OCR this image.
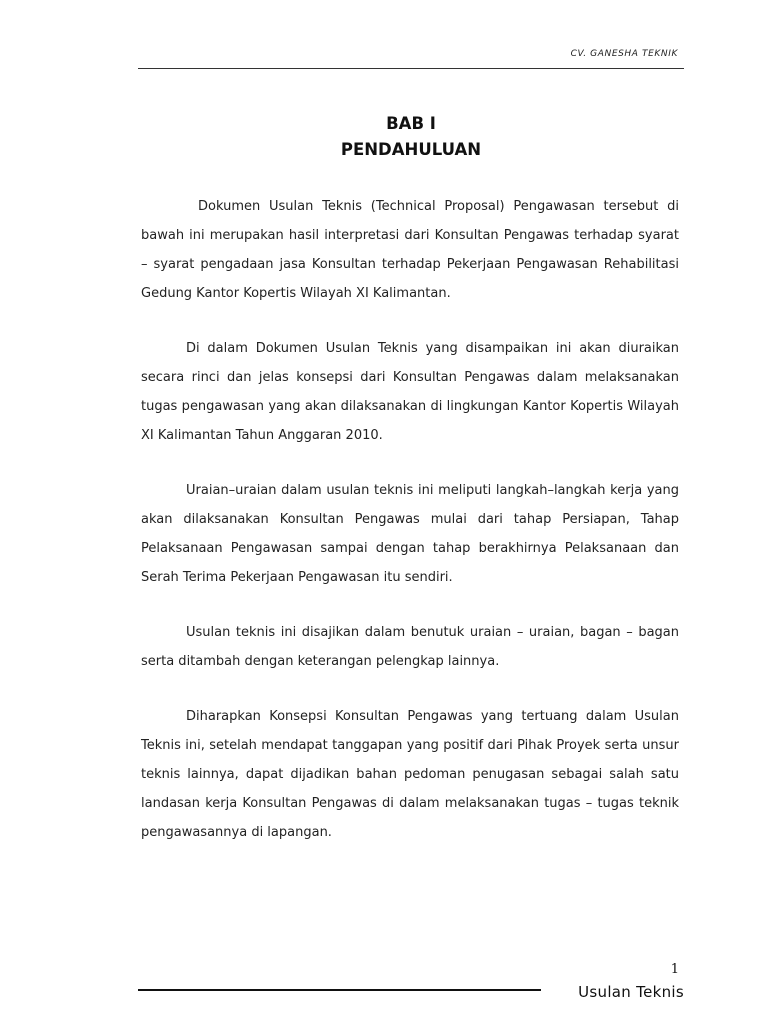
CV. GANESHA TEKNIK
BAB I
PENDAHULUAN

Dokumen Usulan Teknis (Technical Proposal) Pengawasan tersebut di bawah ini merupakan hasil interpretasi dari Konsultan Pengawas terhadap syarat – syarat pengadaan jasa Konsultan terhadap Pekerjaan Pengawasan Rehabilitasi Gedung Kantor Kopertis Wilayah XI Kalimantan.

Di dalam Dokumen Usulan Teknis yang disampaikan ini akan diuraikan secara rinci dan jelas konsepsi dari Konsultan Pengawas dalam melaksanakan tugas pengawasan yang akan dilaksanakan di lingkungan Kantor Kopertis Wilayah XI Kalimantan Tahun Anggaran 2010.

Uraian–uraian dalam usulan teknis ini meliputi langkah–langkah kerja yang akan dilaksanakan Konsultan Pengawas mulai dari tahap Persiapan, Tahap Pelaksanaan Pengawasan sampai dengan tahap berakhirnya Pelaksanaan dan Serah Terima Pekerjaan Pengawasan itu sendiri.

Usulan teknis ini disajikan dalam benutuk uraian – uraian, bagan – bagan serta ditambah dengan keterangan pelengkap lainnya.

Diharapkan Konsepsi Konsultan Pengawas yang tertuang dalam Usulan Teknis ini, setelah mendapat tanggapan yang positif dari Pihak Proyek serta unsur teknis lainnya, dapat dijadikan bahan pedoman penugasan sebagai salah satu landasan kerja Konsultan Pengawas di dalam melaksanakan tugas – tugas teknik pengawasannya di lapangan.

1
Usulan Teknis
